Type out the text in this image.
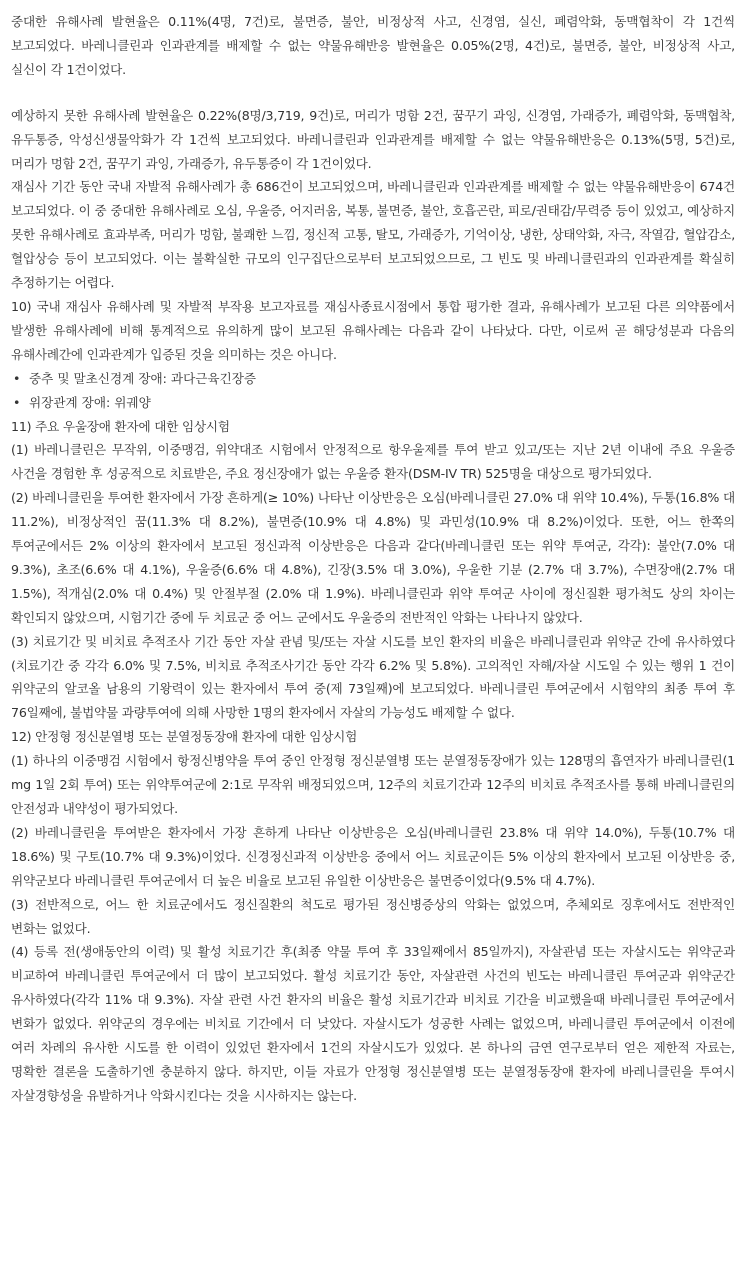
중대한 유해사례 발현율은 0.11%(4명, 7건)로, 불면증, 불안, 비정상적 사고, 신경염, 실신, 폐렴악화, 동맥협착이 각 1건씩 보고되었다. 바레니클린과 인과관계를 배제할 수 없는 약물유해반응 발현율은 0.05%(2명, 4건)로, 불면증, 불안, 비정상적 사고, 실신이 각 1건이었다.

예상하지 못한 유해사례 발현율은 0.22%(8명/3,719, 9건)로, 머리가 멍함 2건, 꿈꾸기 과잉, 신경염, 가래증가, 폐렴악화, 동맥협착, 유두통증, 악성신생물악화가 각 1건씩 보고되었다. 바레니클린과 인과관계를 배제할 수 없는 약물유해반응은 0.13%(5명, 5건)로, 머리가 멍함 2건, 꿈꾸기 과잉, 가래증가, 유두통증이 각 1건이었다.

재심사 기간 동안 국내 자발적 유해사례가 총 686건이 보고되었으며, 바레니클린과 인과관계를 배제할 수 없는 약물유해반응이 674건 보고되었다. 이 중 중대한 유해사례로 오심, 우울증, 어지러움, 복통, 불면증, 불안, 호흡곤란, 피로/권태감/무력증 등이 있었고, 예상하지 못한 유해사례로 효과부족, 머리가 멍함, 불쾌한 느낌, 정신적 고통, 탈모, 가래증가, 기억이상, 냉한, 상태악화, 자극, 작열감, 혈압감소, 혈압상승 등이 보고되었다. 이는 불확실한 규모의 인구집단으로부터 보고되었으므로, 그 빈도 및 바레니클린과의 인과관계를 확실히 추정하기는 어렵다.

10) 국내 재심사 유해사례 및 자발적 부작용 보고자료를 재심사종료시점에서 통합 평가한 결과, 유해사례가 보고된 다른 의약품에서 발생한 유해사례에 비해 통계적으로 유의하게 많이 보고된 유해사례는 다음과 같이 나타났다. 다만, 이로써 곧 해당성분과 다음의 유해사례간에 인과관계가 입증된 것을 의미하는 것은 아니다.

• 중추 및 말초신경계 장애: 과다근육긴장증

• 위장관계 장애: 위궤양

11) 주요 우울장애 환자에 대한 임상시험

(1) 바레니클린은 무작위, 이중맹검, 위약대조 시험에서 안정적으로 항우울제를 투여 받고 있고/또는 지난 2년 이내에 주요 우울증 사건을 경험한 후 성공적으로 치료받은, 주요 정신장애가 없는 우울증 환자(DSM-IV TR) 525명을 대상으로 평가되었다.

(2) 바레니클린을 투여한 환자에서 가장 흔하게(≥ 10%) 나타난 이상반응은 오심(바레니클린 27.0% 대 위약 10.4%), 두통(16.8% 대 11.2%), 비정상적인 꿈(11.3% 대 8.2%), 불면증(10.9% 대 4.8%) 및 과민성(10.9% 대 8.2%)이었다. 또한, 어느 한쪽의 투여군에서든 2% 이상의 환자에서 보고된 정신과적 이상반응은 다음과 같다(바레니클린 또는 위약 투여군, 각각): 불안(7.0% 대 9.3%), 초조(6.6% 대 4.1%), 우울증(6.6% 대 4.8%), 긴장(3.5% 대 3.0%), 우울한 기분 (2.7% 대 3.7%), 수면장애(2.7% 대 1.5%), 적개심(2.0% 대 0.4%) 및 안절부절 (2.0% 대 1.9%). 바레니클린과 위약 투여군 사이에 정신질환 평가척도 상의 차이는 확인되지 않았으며, 시험기간 중에 두 치료군 중 어느 군에서도 우울증의 전반적인 악화는 나타나지 않았다.

(3) 치료기간 및 비치료 추적조사 기간 동안 자살 관념 및/또는 자살 시도를 보인 환자의 비율은 바레니클린과 위약군 간에 유사하였다(치료기간 중 각각 6.0% 및 7.5%, 비치료 추적조사기간 동안 각각 6.2% 및 5.8%). 고의적인 자해/자살 시도일 수 있는 행위 1 건이 위약군의 알코올 남용의 기왕력이 있는 환자에서 투여 중(제 73일째)에 보고되었다. 바레니클린 투여군에서 시험약의 최종 투여 후 76일째에, 불법약물 과량투여에 의해 사망한 1명의 환자에서 자살의 가능성도 배제할 수 없다.

12) 안정형 정신분열병 또는 분열정동장애 환자에 대한 임상시험

(1) 하나의 이중맹검 시험에서 항정신병약을 투여 중인 안정형 정신분열병 또는 분열정동장애가 있는 128명의 흡연자가 바레니클린(1 mg 1일 2회 투여) 또는 위약투여군에 2:1로 무작위 배정되었으며, 12주의 치료기간과 12주의 비치료 추적조사를 통해 바레니클린의 안전성과 내약성이 평가되었다.

(2) 바레니클린을 투여받은 환자에서 가장 흔하게 나타난 이상반응은 오심(바레니클린 23.8% 대 위약 14.0%), 두통(10.7% 대 18.6%) 및 구토(10.7% 대 9.3%)이었다. 신경정신과적 이상반응 중에서 어느 치료군이든 5% 이상의 환자에서 보고된 이상반응 중, 위약군보다 바레니클린 투여군에서 더 높은 비율로 보고된 유일한 이상반응은 불면증이었다(9.5% 대 4.7%).

(3) 전반적으로, 어느 한 치료군에서도 정신질환의 척도로 평가된 정신병증상의 악화는 없었으며, 추체외로 징후에서도 전반적인 변화는 없었다.

(4) 등록 전(생애동안의 이력) 및 활성 치료기간 후(최종 약물 투여 후 33일째에서 85일까지), 자살관념 또는 자살시도는 위약군과 비교하여 바레니클린 투여군에서 더 많이 보고되었다. 활성 치료기간 동안, 자살관련 사건의 빈도는 바레니클린 투여군과 위약군간 유사하였다(각각 11% 대 9.3%). 자살 관련 사건 환자의 비율은 활성 치료기간과 비치료 기간을 비교했을때 바레니클린 투여군에서 변화가 없었다. 위약군의 경우에는 비치료 기간에서 더 낮았다. 자살시도가 성공한 사례는 없었으며, 바레니클린 투여군에서 이전에 여러 차례의 유사한 시도를 한 이력이 있었던 환자에서 1건의 자살시도가 있었다. 본 하나의 금연 연구로부터 얻은 제한적 자료는, 명확한 결론을 도출하기엔 충분하지 않다. 하지만, 이들 자료가 안정형 정신분열병 또는 분열정동장애 환자에 바레니클린을 투여시 자살경향성을 유발하거나 악화시킨다는 것을 시사하지는 않는다.
